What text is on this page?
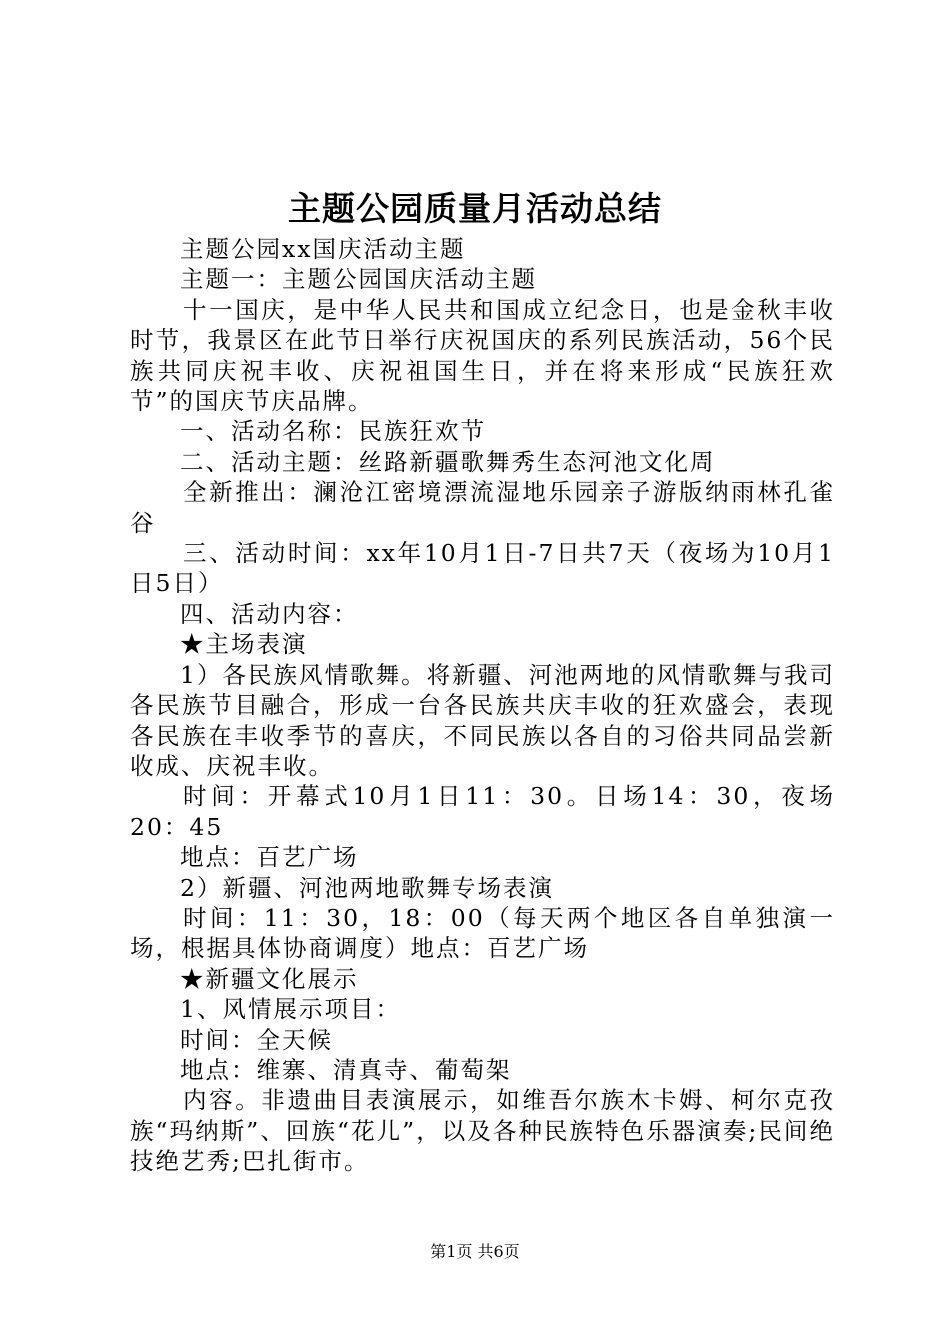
主题公园质量月活动总结

主题公园xx国庆活动主题

主题一：主题公园国庆活动主题

十一国庆，是中华人民共和国成立纪念日，也是金秋丰收时节，我景区在此节日举行庆祝国庆的系列民族活动，56个民族共同庆祝丰收、庆祝祖国生日，并在将来形成“民族狂欢节”的国庆节庆品牌。

一、活动名称：民族狂欢节

二、活动主题：丝路新疆歌舞秀生态河池文化周

全新推出：澜沧江密境漂流湿地乐园亲子游版纳雨林孔雀谷

三、活动时间：xx年10月1日-7日共7天（夜场为10月1日5日）

四、活动内容：

★主场表演

1）各民族风情歌舞。将新疆、河池两地的风情歌舞与我司各民族节目融合，形成一台各民族共庆丰收的狂欢盛会，表现各民族在丰收季节的喜庆，不同民族以各自的习俗共同品尝新收成、庆祝丰收。

时间：开幕式10月1日11：30。日场14：30，夜场20：45

地点：百艺广场

2）新疆、河池两地歌舞专场表演

时间：11：30，18：00（每天两个地区各自单独演一场，根据具体协商调度）地点：百艺广场

★新疆文化展示

1、风情展示项目：

时间：全天候

地点：维寨、清真寺、葡萄架

内容。非遗曲目表演展示，如维吾尔族木卡姆、柯尔克孜族“玛纳斯”、回族“花儿”，以及各种民族特色乐器演奏;民间绝技绝艺秀;巴扎街市。

第1页 共6页
